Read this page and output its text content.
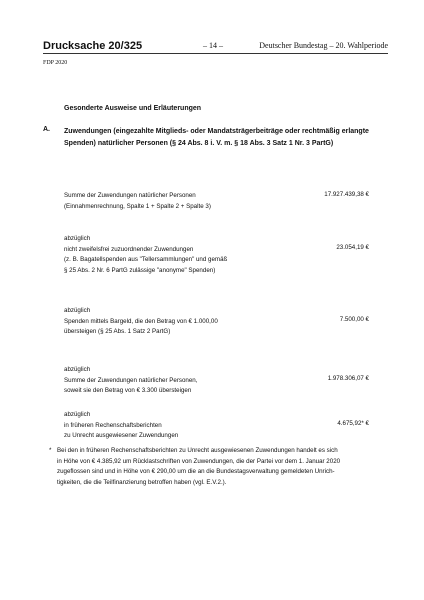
Drucksache 20/325	– 14 –	Deutscher Bundestag – 20. Wahlperiode
FDP 2020
Gesonderte Ausweise und Erläuterungen
A. Zuwendungen (eingezahlte Mitglieds- oder Mandatsträgerbeiträge oder rechtmäßig erlangte Spenden) natürlicher Personen (§ 24 Abs. 8 i. V. m. § 18 Abs. 3 Satz 1 Nr. 3 PartG)
Summe der Zuwendungen natürlicher Personen
(Einnahmenrechnung, Spalte 1 + Spalte 2 + Spalte 3)
17.927.439,38 €
abzüglich
nicht zweifelsfrei zuzuordnender Zuwendungen
(z. B. Bagatellspenden aus "Tellersammlungen" und gemäß
§ 25 Abs. 2 Nr. 6 PartG zulässige "anonyme" Spenden)
23.054,19 €
abzüglich
Spenden mittels Bargeld, die den Betrag von € 1.000,00
übersteigen (§ 25 Abs. 1 Satz 2 PartG)
7.500,00 €
abzüglich
Summe der Zuwendungen natürlicher Personen,
soweit sie den Betrag von € 3.300 übersteigen
1.978.306,07 €
abzüglich
in früheren Rechenschaftsberichten
zu Unrecht ausgewiesener Zuwendungen
4.675,92* €
* Bei den in früheren Rechenschaftsberichten zu Unrecht ausgewiesenen Zuwendungen handelt es sich
in Höhe von € 4.385,92 um Rücklastschriften von Zuwendungen, die der Partei vor dem 1. Januar 2020
zugeflossen sind und in Höhe von € 290,00 um die an die Bundestagsverwaltung gemeldeten Unrich-
tigkeiten, die die Teilfinanzierung betroffen haben (vgl. E.V.2.).
